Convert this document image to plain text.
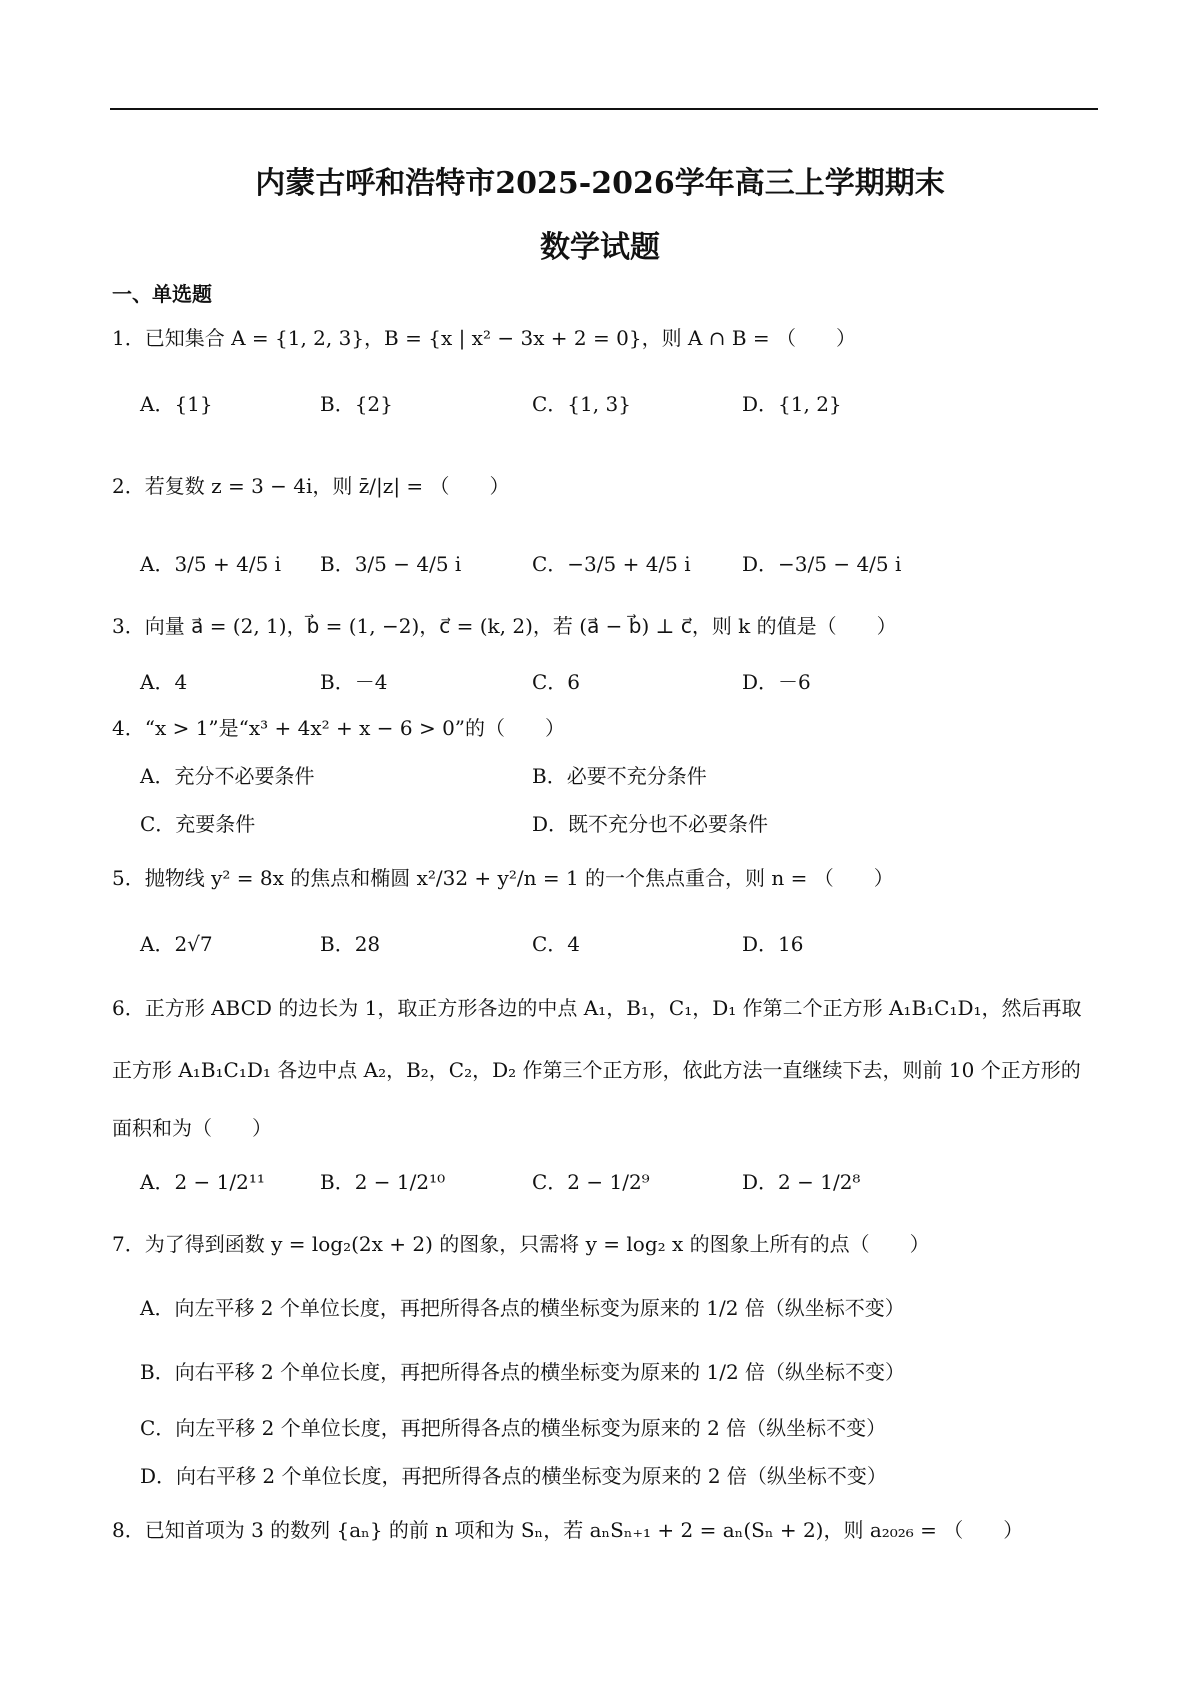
内蒙古呼和浩特市2025-2026学年高三上学期期末
数学试题
一、单选题
1．已知集合 A = {1, 2, 3}，B = {x | x² − 3x + 2 = 0}，则 A ∩ B = （　　）
A．{1}	B．{2}	C．{1, 3}	D．{1, 2}
2．若复数 z = 3 − 4i，则 z̄/|z| = （　　）
A．3/5 + 4/5 i B．3/5 − 4/5 i	C．−3/5 + 4/5 i	D．−3/5 − 4/5 i
3．向量 a⃗ = (2, 1)，b⃗ = (1, −2)，c⃗ = (k, 2)，若 (a⃗ − b⃗) ⊥ c⃗，则 k 的值是（　　）
A．4	B．－4	C．6	D．－6
4．“x > 1”是“x³ + 4x² + x − 6 > 0”的（　　）
A．充分不必要条件	B．必要不充分条件
C．充要条件	D．既不充分也不必要条件
5．抛物线 y² = 8x 的焦点和椭圆 x²/32 + y²/n = 1 的一个焦点重合，则 n = （　　）
A．2√7	B．28	C．4	D．16
6．正方形 ABCD 的边长为 1，取正方形各边的中点 A₁，B₁，C₁，D₁ 作第二个正方形 A₁B₁C₁D₁，然后再取
正方形 A₁B₁C₁D₁ 各边中点 A₂，B₂，C₂，D₂ 作第三个正方形，依此方法一直继续下去，则前 10 个正方形的
面积和为（　　）
A．2 − 1/2¹¹	B．2 − 1/2¹⁰	C．2 − 1/2⁹	D．2 − 1/2⁸
7．为了得到函数 y = log₂(2x + 2) 的图象，只需将 y = log₂ x 的图象上所有的点（　　）
A．向左平移 2 个单位长度，再把所得各点的横坐标变为原来的 1/2 倍（纵坐标不变）
B．向右平移 2 个单位长度，再把所得各点的横坐标变为原来的 1/2 倍（纵坐标不变）
C．向左平移 2 个单位长度，再把所得各点的横坐标变为原来的 2 倍（纵坐标不变）
D．向右平移 2 个单位长度，再把所得各点的横坐标变为原来的 2 倍（纵坐标不变）
8．已知首项为 3 的数列 {aₙ} 的前 n 项和为 Sₙ，若 aₙSₙ₊₁ + 2 = aₙ(Sₙ + 2)，则 a₂₀₂₆ = （　　）
